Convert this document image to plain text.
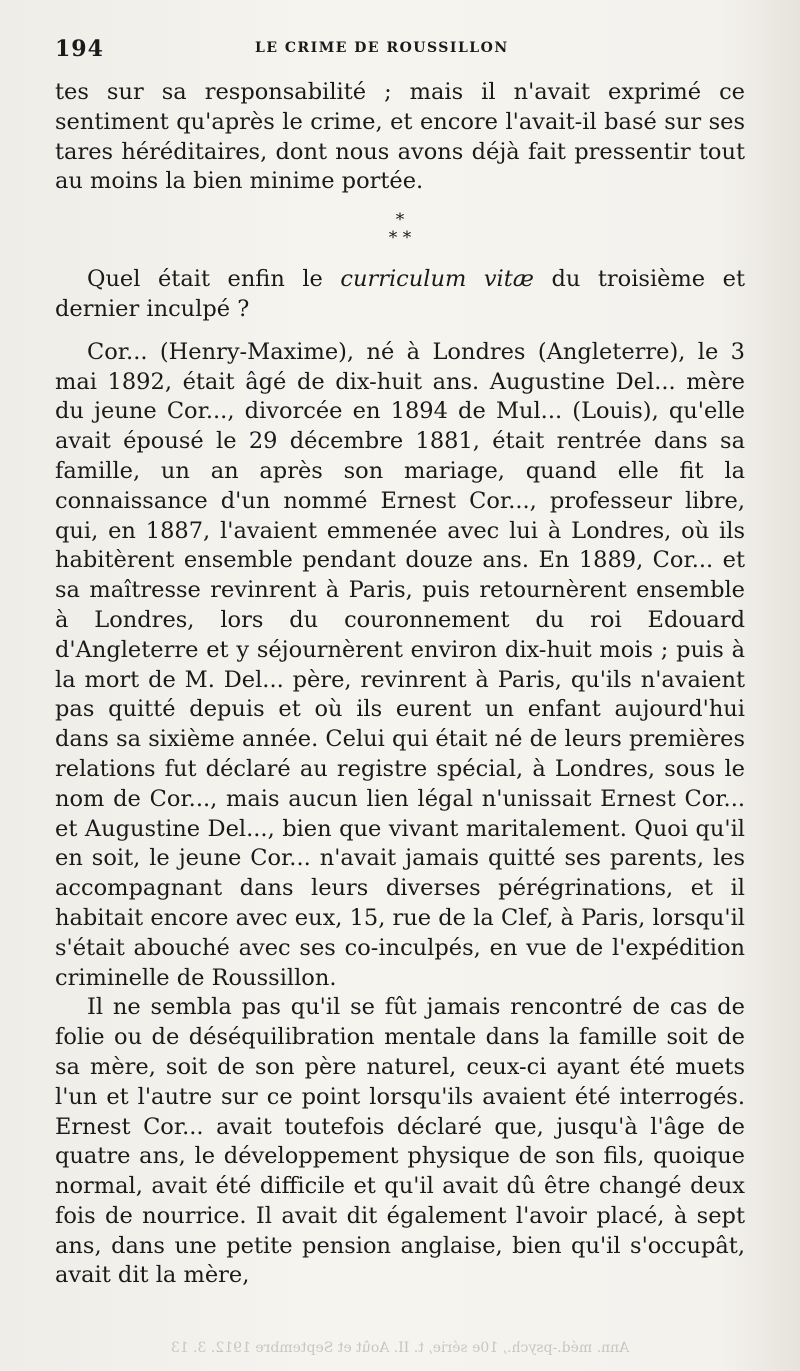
194	LE CRIME DE ROUSSILLON

tes sur sa responsabilité ; mais il n'avait exprimé ce sentiment qu'après le crime, et encore l'avait-il basé sur ses tares héréditaires, dont nous avons déjà fait pressentir tout au moins la bien minime portée.

*
* *

Quel était enfin le curriculum vitæ du troisième et dernier inculpé ?

Cor... (Henry-Maxime), né à Londres (Angleterre), le 3 mai 1892, était âgé de dix-huit ans. Augustine Del... mère du jeune Cor..., divorcée en 1894 de Mul... (Louis), qu'elle avait épousé le 29 décembre 1881, était rentrée dans sa famille, un an après son mariage, quand elle fit la connaissance d'un nommé Ernest Cor..., professeur libre, qui, en 1887, l'avaient emmenée avec lui à Londres, où ils habitèrent ensemble pendant douze ans. En 1889, Cor... et sa maîtresse revinrent à Paris, puis retournèrent ensemble à Londres, lors du couronnement du roi Edouard d'Angleterre et y séjournèrent environ dix-huit mois ; puis à la mort de M. Del... père, revinrent à Paris, qu'ils n'avaient pas quitté depuis et où ils eurent un enfant aujourd'hui dans sa sixième année. Celui qui était né de leurs premières relations fut déclaré au registre spécial, à Londres, sous le nom de Cor..., mais aucun lien légal n'unissait Ernest Cor... et Augustine Del..., bien que vivant maritalement. Quoi qu'il en soit, le jeune Cor... n'avait jamais quitté ses parents, les accompagnant dans leurs diverses pérégrinations, et il habitait encore avec eux, 15, rue de la Clef, à Paris, lorsqu'il s'était abouché avec ses co-inculpés, en vue de l'expédition criminelle de Roussillon.

Il ne sembla pas qu'il se fût jamais rencontré de cas de folie ou de déséquilibration mentale dans la famille soit de sa mère, soit de son père naturel, ceux-ci ayant été muets l'un et l'autre sur ce point lorsqu'ils avaient été interrogés. Ernest Cor... avait toutefois déclaré que, jusqu'à l'âge de quatre ans, le développement physique de son fils, quoique normal, avait été difficile et qu'il avait dû être changé deux fois de nourrice. Il avait dit également l'avoir placé, à sept ans, dans une petite pension anglaise, bien qu'il s'occupât, avait dit la mère,

Ann. méd.-psych., 10e série, t. II. Août et Septembre 1912. 3. 13
